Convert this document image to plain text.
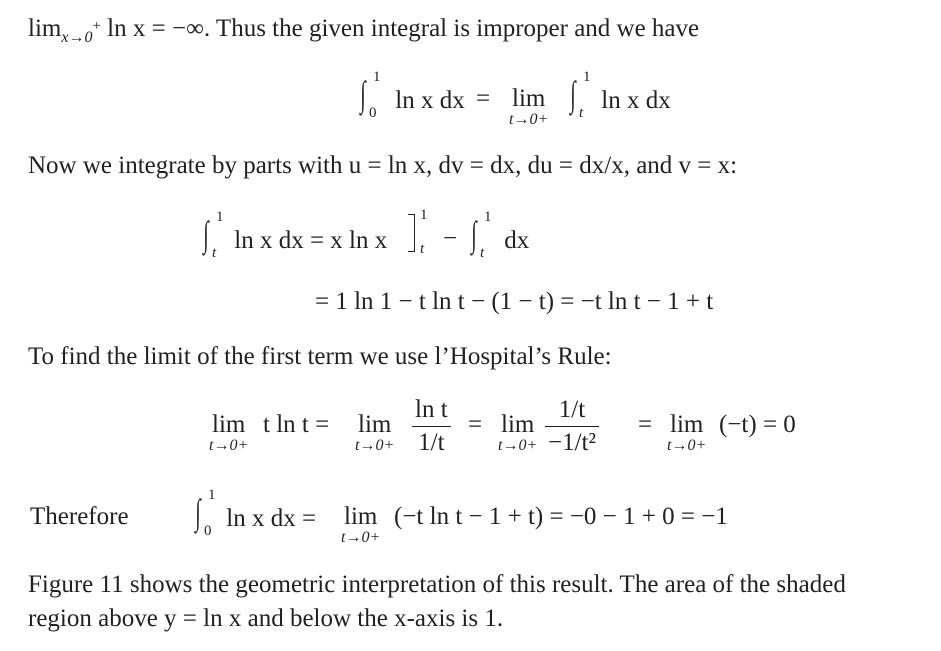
limx→0+ ln x = −∞. Thus the given integral is improper and we have
∫ 1
0 ln x dx = lim
t→0+
∫ 1
t ln x dx
Now we integrate by parts with u = ln x, dv = dx, du = dx/x, and v = x:
∫ 1
t ln x dx = x ln x
1
t − ∫ 1
t dx
= 1 ln 1 − t ln t − (1 − t) = −t ln t − 1 + t
To find the limit of the first term we use l’Hospital’s Rule:
lim
t→0+
t ln t = lim
$t\to 0+ \frac{\text{ln t}}{1/t} = \lim$
$t\to 0+ \frac{1/t}{\text{−1/t²}} = \lim$
t→0+
(−t) = 0
Therefore ∫ 1
0 ln x dx = lim
t→0+
(−t ln t − 1 + t) = −0 − 1 + 0 = −1
Figure 11 shows the geometric interpretation of this result. The area of the shaded
region above y = ln x and below the x-axis is 1.
